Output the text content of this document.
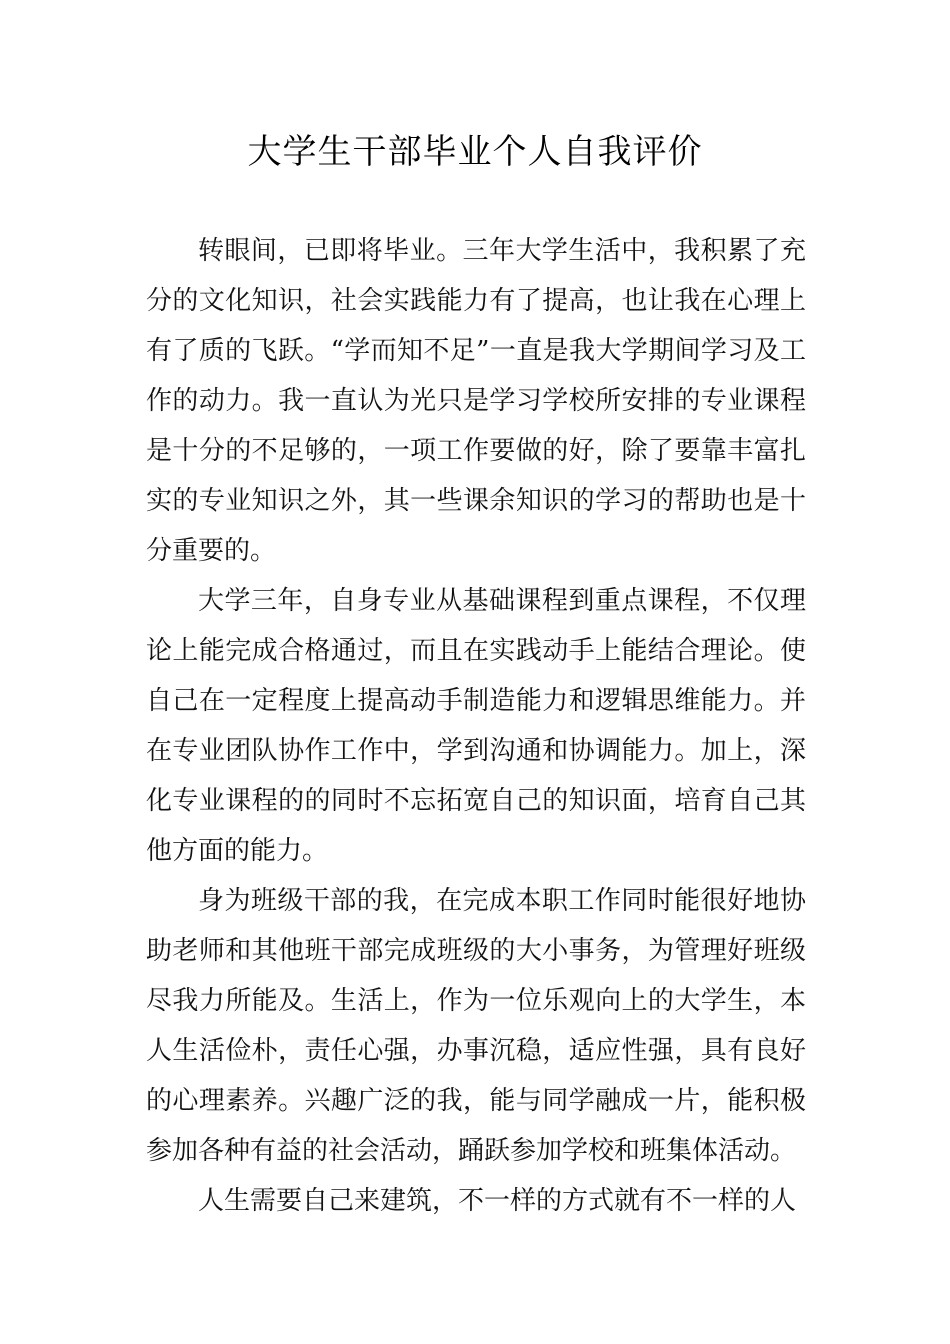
大学生干部毕业个人自我评价

转眼间，已即将毕业。三年大学生活中，我积累了充分的文化知识，社会实践能力有了提高，也让我在心理上有了质的飞跃。“学而知不足”一直是我大学期间学习及工作的动力。我一直认为光只是学习学校所安排的专业课程是十分的不足够的，一项工作要做的好，除了要靠丰富扎实的专业知识之外，其一些课余知识的学习的帮助也是十分重要的。

大学三年，自身专业从基础课程到重点课程，不仅理论上能完成合格通过，而且在实践动手上能结合理论。使自己在一定程度上提高动手制造能力和逻辑思维能力。并在专业团队协作工作中，学到沟通和协调能力。加上，深化专业课程的的同时不忘拓宽自己的知识面，培育自己其他方面的能力。

身为班级干部的我，在完成本职工作同时能很好地协助老师和其他班干部完成班级的大小事务，为管理好班级尽我力所能及。生活上，作为一位乐观向上的大学生，本人生活俭朴，责任心强，办事沉稳，适应性强，具有良好的心理素养。兴趣广泛的我，能与同学融成一片，能积极参加各种有益的社会活动，踊跃参加学校和班集体活动。

人生需要自己来建筑，不一样的方式就有不一样的人
